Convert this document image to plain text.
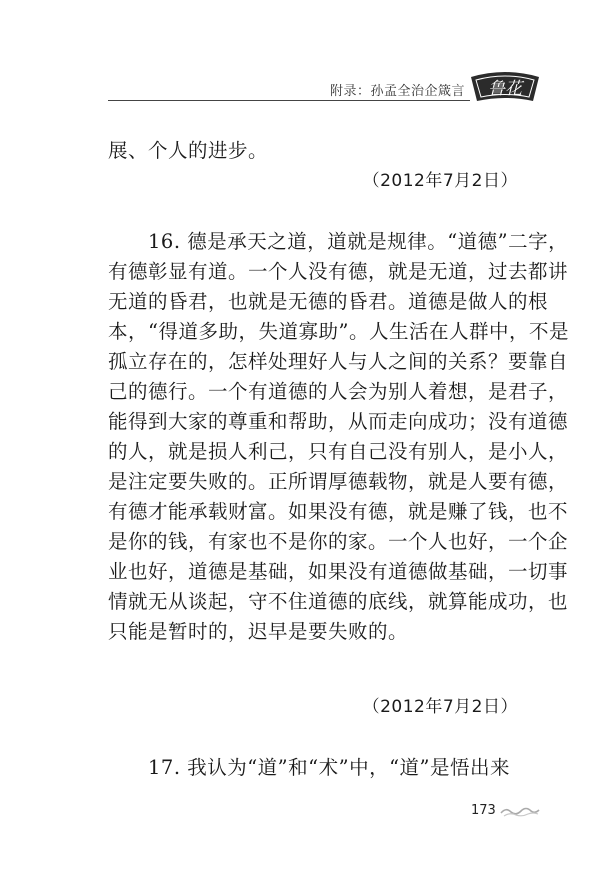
附录：孙孟全治企箴言 鲁花

展、个人的进步。

（2012年7月2日）

　　16. 德是承天之道，道就是规律。“道德”二字，
有德彰显有道。一个人没有德，就是无道，过去都讲
无道的昏君，也就是无德的昏君。道德是做人的根
本，“得道多助，失道寡助”。人生活在人群中，不是
孤立存在的，怎样处理好人与人之间的关系？要靠自
己的德行。一个有道德的人会为别人着想，是君子，
能得到大家的尊重和帮助，从而走向成功；没有道德
的人，就是损人利己，只有自己没有别人，是小人，
是注定要失败的。正所谓厚德载物，就是人要有德，
有德才能承载财富。如果没有德，就是赚了钱，也不
是你的钱，有家也不是你的家。一个人也好，一个企
业也好，道德是基础，如果没有道德做基础，一切事
情就无从谈起，守不住道德的底线，就算能成功，也
只能是暂时的，迟早是要失败的。

（2012年7月2日）

　　17. 我认为“道”和“术”中，“道”是悟出来

173
